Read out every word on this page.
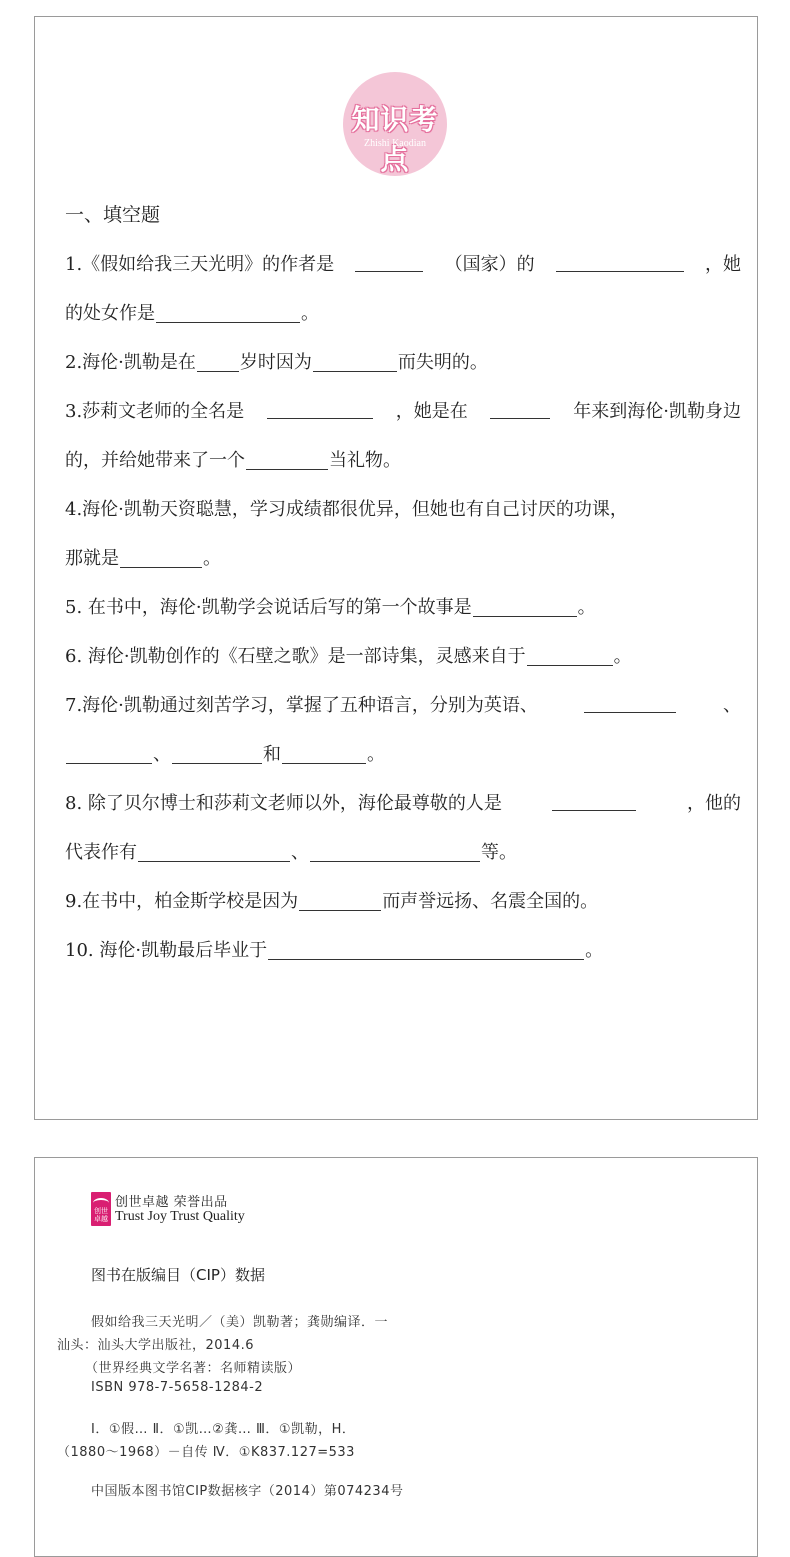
知识考点
Zhishi Kaodian
一、填空题
1.《假如给我三天光明》的作者是	（国家）的	，她
的处女作是	。
2.海伦·凯勒是在 岁时因为	而失明的。
3.莎莉文老师的全名是	，她是在	年来到海伦·凯勒身边
的，并给她带来了一个	当礼物。
4.海伦·凯勒天资聪慧，学习成绩都很优异，但她也有自己讨厌的功课，
那就是	。
5. 在书中，海伦·凯勒学会说话后写的第一个故事是	。
6. 海伦·凯勒创作的《石壁之歌》是一部诗集，灵感来自于	。
7.海伦·凯勒通过刻苦学习，掌握了五种语言，分别为英语、	、
、	和	。
8. 除了贝尔博士和莎莉文老师以外，海伦最尊敬的人是	，他的
代表作有	、	等。
9.在书中，柏金斯学校是因为	而声誉远扬、名震全国的。
10. 海伦·凯勒最后毕业于	。
创世卓越
创世卓越 荣誉出品
Trust Joy Trust Quality
图书在版编目（CIP）数据
假如给我三天光明／（美）凯勒著；龚勋编译．一
汕头：汕头大学出版社，2014.6
（世界经典文学名著：名师精读版）
ISBN 978-7-5658-1284-2
Ⅰ．①假… Ⅱ．①凯…②龚… Ⅲ．①凯勒，H．
（1880～1968）－自传 Ⅳ．①K837.127=533
中国版本图书馆CIP数据核字（2014）第074234号
